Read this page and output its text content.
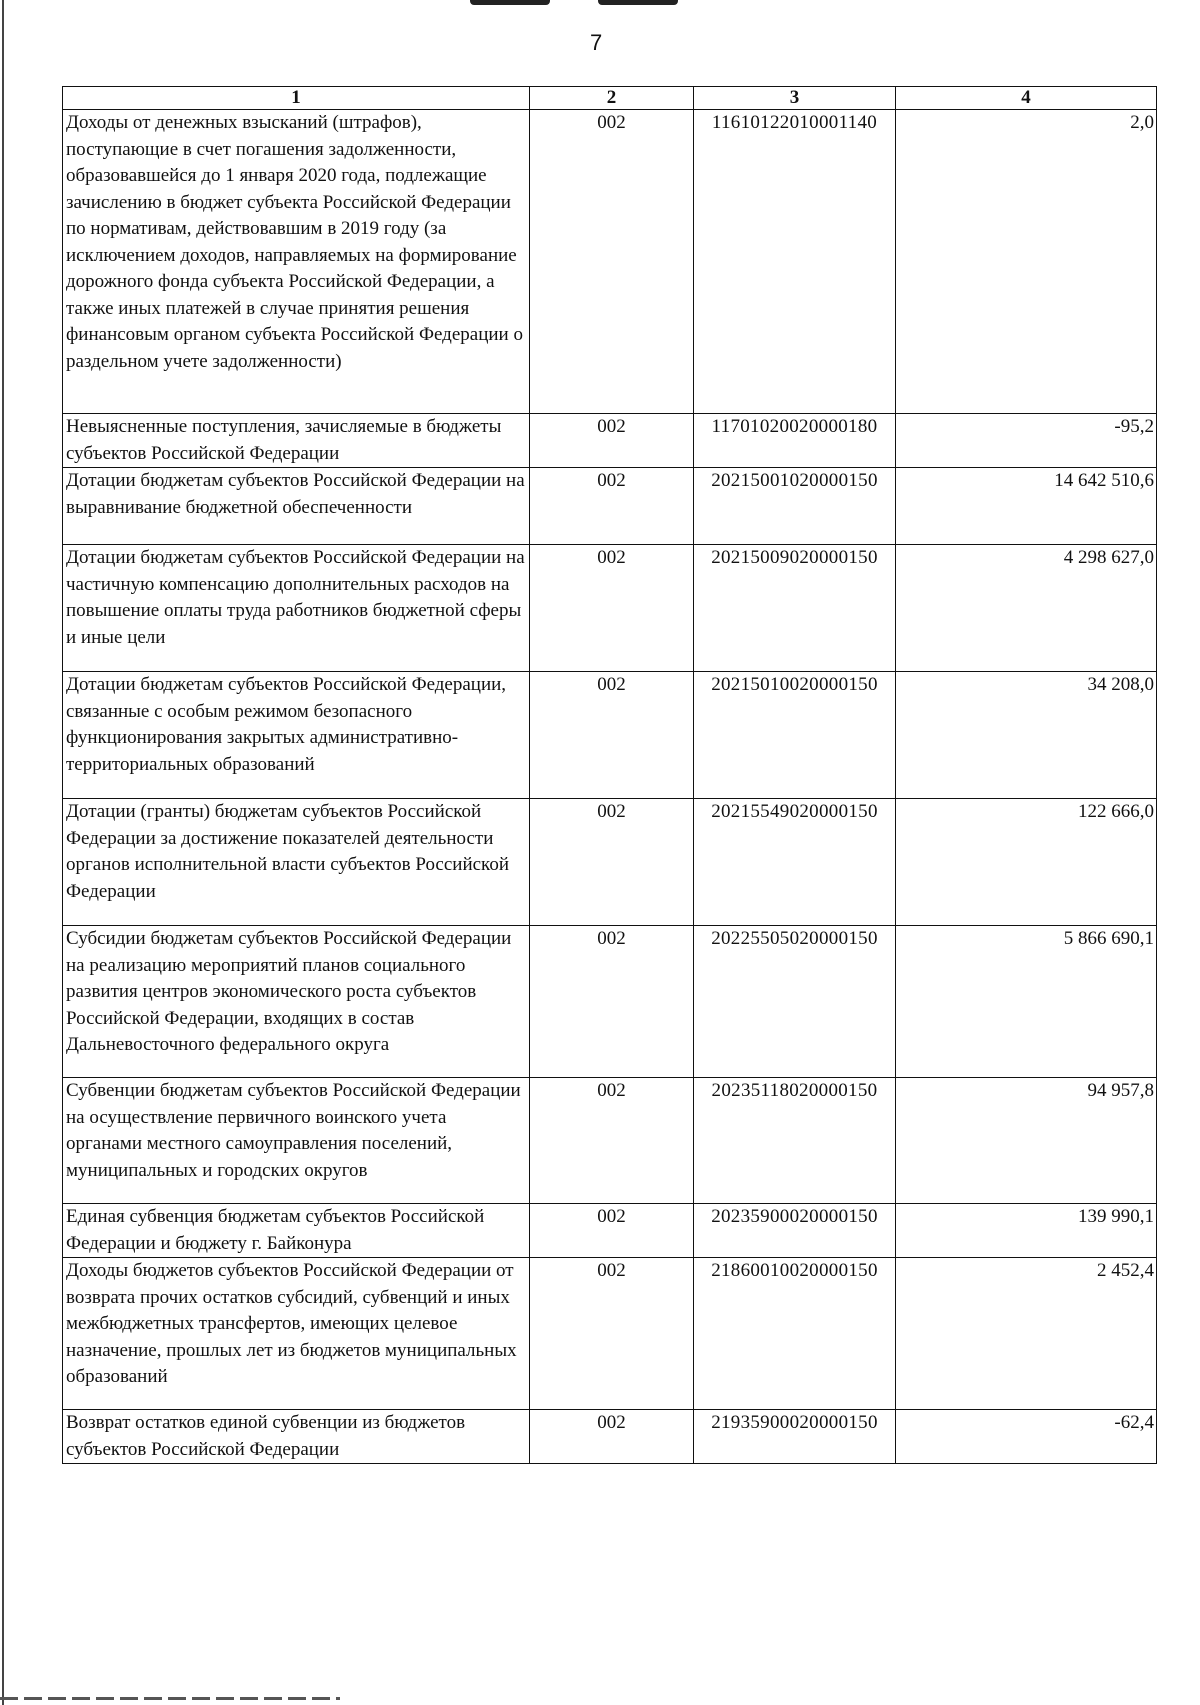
7
1	2	3	4
Доходы от денежных взысканий (штрафов), поступающие в счет погашения задолженности, образовавшейся до 1 января 2020 года, подлежащие зачислению в бюджет субъекта Российской Федерации по нормативам, действовавшим в 2019 году (за исключением доходов, направляемых на формирование дорожного фонда субъекта Российской Федерации, а также иных платежей в случае принятия решения финансовым органом субъекта Российской Федерации о раздельном учете задолженности)	002	11610122010001140	2,0
Невыясненные поступления, зачисляемые в бюджеты субъектов Российской Федерации	002	11701020020000180	-95,2
Дотации бюджетам субъектов Российской Федерации на выравнивание бюджетной обеспеченности	002	20215001020000150	14 642 510,6
Дотации бюджетам субъектов Российской Федерации на частичную компенсацию дополнительных расходов на повышение оплаты труда работников бюджетной сферы и иные цели	002	20215009020000150	4 298 627,0
Дотации бюджетам субъектов Российской Федерации, связанные с особым режимом безопасного функционирования закрытых административно-территориальных образований	002	20215010020000150	34 208,0
Дотации (гранты) бюджетам субъектов Российской Федерации за достижение показателей деятельности органов исполнительной власти субъектов Российской Федерации	002	20215549020000150	122 666,0
Субсидии бюджетам субъектов Российской Федерации на реализацию мероприятий планов социального развития центров экономического роста субъектов Российской Федерации, входящих в состав Дальневосточного федерального округа	002	20225505020000150	5 866 690,1
Субвенции бюджетам субъектов Российской Федерации на осуществление первичного воинского учета органами местного самоуправления поселений, муниципальных и городских округов	002	20235118020000150	94 957,8
Единая субвенция бюджетам субъектов Российской Федерации и бюджету г. Байконура	002	20235900020000150	139 990,1
Доходы бюджетов субъектов Российской Федерации от возврата прочих остатков субсидий, субвенций и иных межбюджетных трансфертов, имеющих целевое назначение, прошлых лет из бюджетов муниципальных образований	002	21860010020000150	2 452,4
Возврат остатков единой субвенции из бюджетов субъектов Российской Федерации	002	21935900020000150	-62,4
